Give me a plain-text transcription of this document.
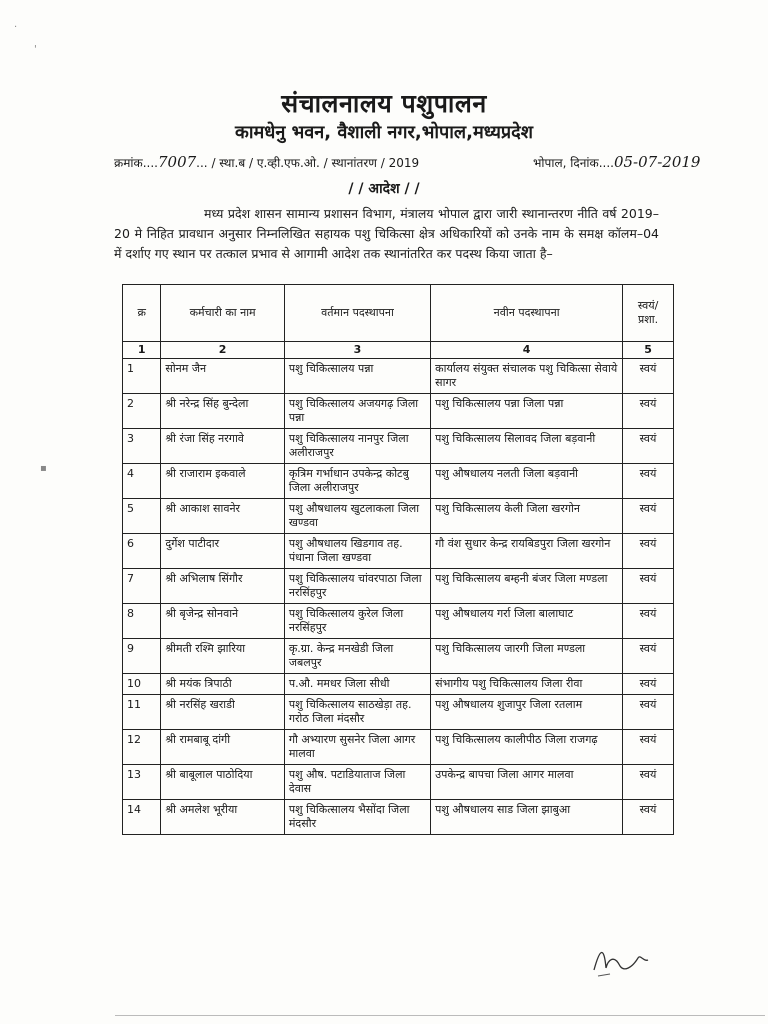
·
'
▪
संचालनालय पशुपालन
कामधेनु भवन, वैशाली नगर,भोपाल,मध्यप्रदेश
क्रमांक....7007... / स्था.ब / ए.व्ही.एफ.ओ. / स्थानांतरण / 2019	भोपाल, दिनांक....05-07-2019
/ / आदेश / /
मध्य प्रदेश शासन सामान्य प्रशासन विभाग, मंत्रालय भोपाल द्वारा जारी स्थानान्तरण नीति वर्ष 2019–20 मे निहित प्रावधान अनुसार निम्नलिखित सहायक पशु चिकित्सा क्षेत्र अधिकारियों को उनके नाम के समक्ष कॉलम–04 में दर्शाए गए स्थान पर तत्काल प्रभाव से आगामी आदेश तक स्थानांतरित कर पदस्थ किया जाता है–
क्र	कर्मचारी का नाम	वर्तमान पदस्थापना	नवीन पदस्थापना	स्वयं/ प्रशा.
1	2	3	4	5
1	सोनम जैन	पशु चिकित्सालय पन्ना	कार्यालय संयुक्त संचालक पशु चिकित्सा सेवाये सागर	स्वयं
2	श्री नरेन्द्र सिंह बुन्देला	पशु चिकित्सालय अजयगढ़ जिला पन्ना	पशु चिकित्सालय पन्ना जिला पन्ना	स्वयं
3	श्री रंजा सिंह नरगावे	पशु चिकित्सालय नानपुर जिला अलीराजपुर	पशु चिकित्सालय सिलावद जिला बड़वानी	स्वयं
4	श्री राजाराम इकवाले	कृत्रिम गर्भाधान उपकेन्द्र कोटबु जिला अलीराजपुर	पशु औषधालय नलती जिला बड़वानी	स्वयं
5	श्री आकाश सावनेर	पशु औषधालय खुटलाकला जिला खण्डवा	पशु चिकित्सालय केली जिला खरगोन	स्वयं
6	दुर्गेश पाटीदार	पशु औषधालय खिडगाव तह. पंधाना जिला खण्डवा	गौ वंश सुधार केन्द्र रायबिडपुरा जिला खरगोन	स्वयं
7	श्री अभिलाष सिंगौर	पशु चिकित्सालय चांवरपाठा जिला नरसिंहपुर	पशु चिकित्सालय बम्हनी बंजर जिला मण्डला	स्वयं
8	श्री बृजेन्द्र सोनवाने	पशु चिकित्सालय कुरेल जिला नरसिंहपुर	पशु औषधालय गर्रा जिला बालाघाट	स्वयं
9	श्रीमती रश्मि झारिया	कृ.ग्रा. केन्द्र मनखेडी जिला जबलपुर	पशु चिकित्सालय जारगी जिला मण्डला	स्वयं
10	श्री मयंक त्रिपाठी	प.औ. ममधर जिला सीधी	संभागीय पशु चिकित्सालय जिला रीवा	स्वयं
11	श्री नरसिंह खराडी	पशु चिकित्सालय साठखेड़ा तह. गरोठ जिला मंदसौर	पशु औषधालय शुजापुर जिला रतलाम	स्वयं
12	श्री रामबाबू दांगी	गौ अभ्यारण सुसनेर जिला आगर मालवा	पशु चिकित्सालय कालीपीठ जिला राजगढ़	स्वयं
13	श्री बाबूलाल पाठोदिया	पशु औष. पटाडियाताज जिला देवास	उपकेन्द्र बापचा जिला आगर मालवा	स्वयं
14	श्री अमलेश भूरीया	पशु चिकित्सालय भैसोंदा जिला मंदसौर	पशु औषधालय साड जिला झाबुआ	स्वयं
